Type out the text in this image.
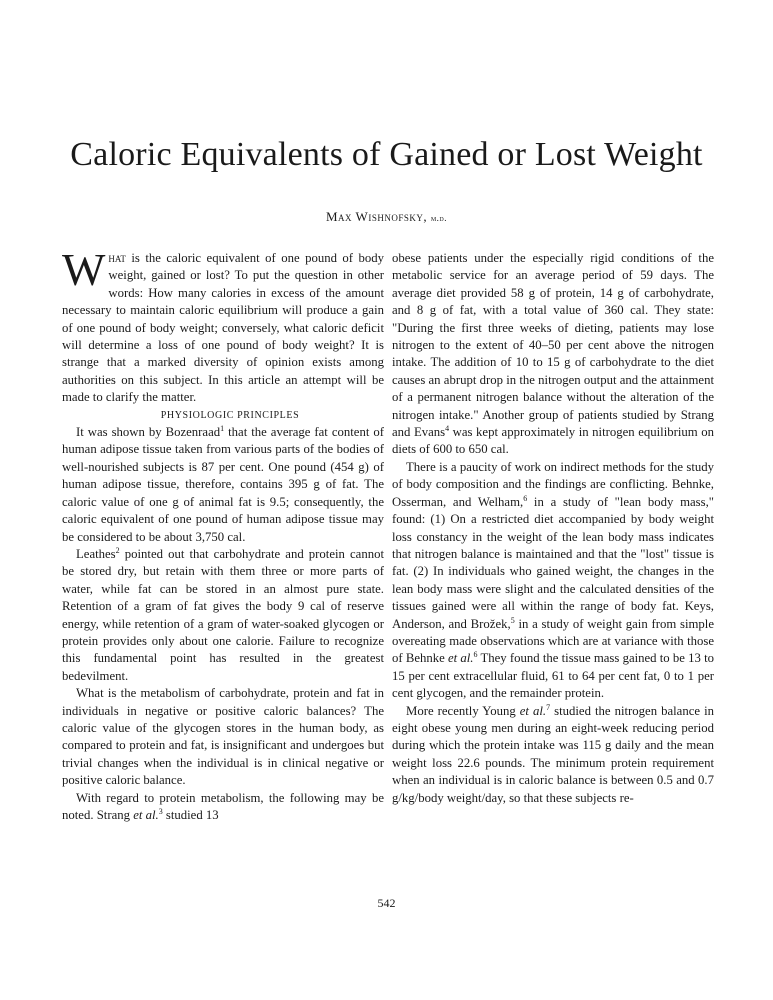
Caloric Equivalents of Gained or Lost Weight

Max Wishnofsky, m.d.

What is the caloric equivalent of one pound of body weight, gained or lost? To put the question in other words: How many calories in excess of the amount necessary to maintain caloric equilibrium will produce a gain of one pound of body weight; conversely, what caloric deficit will determine a loss of one pound of body weight? It is strange that a marked diversity of opinion exists among authorities on this subject. In this article an attempt will be made to clarify the matter.

PHYSIOLOGIC PRINCIPLES

It was shown by Bozenraad$^1$ that the average fat content of human adipose tissue taken from various parts of the bodies of well-nourished subjects is 87 per cent. One pound (454 g) of human adipose tissue, therefore, contains 395 g of fat. The caloric value of one g of animal fat is 9.5; consequently, the caloric equivalent of one pound of human adipose tissue may be considered to be about 3,750 cal.

Leathes$^2$ pointed out that carbohydrate and protein cannot be stored dry, but retain with them three or more parts of water, while fat can be stored in an almost pure state. Retention of a gram of fat gives the body 9 cal of reserve energy, while retention of a gram of water-soaked glycogen or protein provides only about one calorie. Failure to recognize this fundamental point has resulted in the greatest bedevilment.

What is the metabolism of carbohydrate, protein and fat in individuals in negative or positive caloric balances? The caloric value of the glycogen stores in the human body, as compared to protein and fat, is insignificant and undergoes but trivial changes when the individual is in clinical negative or positive caloric balance.

With regard to protein metabolism, the following may be noted. Strang et al.$^3$ studied 13

obese patients under the especially rigid conditions of the metabolic service for an average period of 59 days. The average diet provided 58 g of protein, 14 g of carbohydrate, and 8 g of fat, with a total value of 360 cal. They state: "During the first three weeks of dieting, patients may lose nitrogen to the extent of 40–50 per cent above the nitrogen intake. The addition of 10 to 15 g of carbohydrate to the diet causes an abrupt drop in the nitrogen output and the attainment of a permanent nitrogen balance without the alteration of the nitrogen intake." Another group of patients studied by Strang and Evans$^4$ was kept approximately in nitrogen equilibrium on diets of 600 to 650 cal.

There is a paucity of work on indirect methods for the study of body composition and the findings are conflicting. Behnke, Osserman, and Welham,$^6$ in a study of "lean body mass," found: (1) On a restricted diet accompanied by body weight loss constancy in the weight of the lean body mass indicates that nitrogen balance is maintained and that the "lost" tissue is fat. (2) In individuals who gained weight, the changes in the lean body mass were slight and the calculated densities of the tissues gained were all within the range of body fat. Keys, Anderson, and Brožek,$^5$ in a study of weight gain from simple overeating made observations which are at variance with those of Behnke et al.$^6$ They found the tissue mass gained to be 13 to 15 per cent extracellular fluid, 61 to 64 per cent fat, 0 to 1 per cent glycogen, and the remainder protein.

More recently Young et al.$^7$ studied the nitrogen balance in eight obese young men during an eight-week reducing period during which the protein intake was 115 g daily and the mean weight loss 22.6 pounds. The minimum protein requirement when an individual is in caloric balance is between 0.5 and 0.7 g/kg/body weight/day, so that these subjects re-

542
